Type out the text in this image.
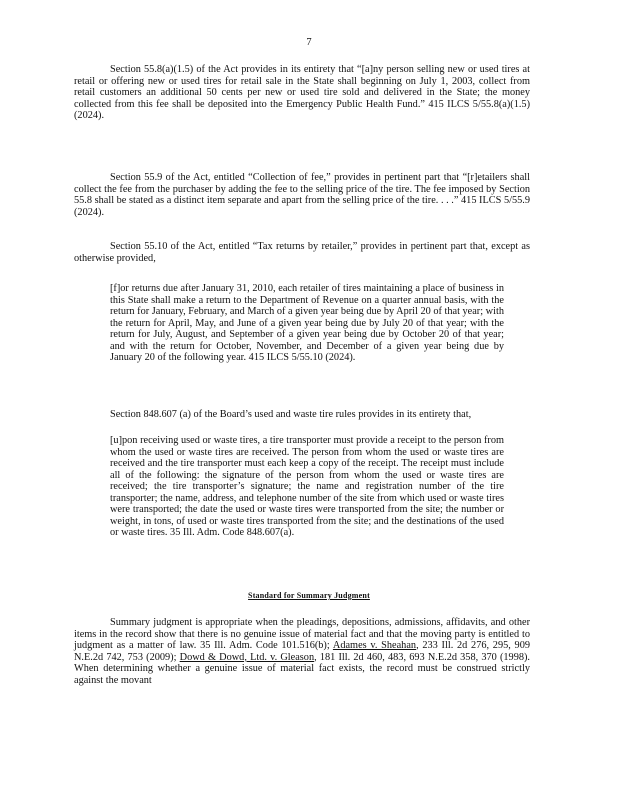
7

Section 55.8(a)(1.5) of the Act provides in its entirety that “[a]ny person selling new or used tires at retail or offering new or used tires for retail sale in the State shall beginning on July 1, 2003, collect from retail customers an additional 50 cents per new or used tire sold and delivered in the State; the money collected from this fee shall be deposited into the Emergency Public Health Fund.” 415 ILCS 5/55.8(a)(1.5) (2024).

Section 55.9 of the Act, entitled “Collection of fee,” provides in pertinent part that “[r]etailers shall collect the fee from the purchaser by adding the fee to the selling price of the tire. The fee imposed by Section 55.8 shall be stated as a distinct item separate and apart from the selling price of the tire. . . .” 415 ILCS 5/55.9 (2024).

Section 55.10 of the Act, entitled “Tax returns by retailer,” provides in pertinent part that, except as otherwise provided,

[f]or returns due after January 31, 2010, each retailer of tires maintaining a place of business in this State shall make a return to the Department of Revenue on a quarter annual basis, with the return for January, February, and March of a given year being due by April 20 of that year; with the return for April, May, and June of a given year being due by July 20 of that year; with the return for July, August, and September of a given year being due by October 20 of that year; and with the return for October, November, and December of a given year being due by January 20 of the following year. 415 ILCS 5/55.10 (2024).

Section 848.607 (a) of the Board’s used and waste tire rules provides in its entirety that,

[u]pon receiving used or waste tires, a tire transporter must provide a receipt to the person from whom the used or waste tires are received. The person from whom the used or waste tires are received and the tire transporter must each keep a copy of the receipt. The receipt must include all of the following: the signature of the person from whom the used or waste tires are received; the tire transporter’s signature; the name and registration number of the tire transporter; the name, address, and telephone number of the site from which used or waste tires were transported; the date the used or waste tires were transported from the site; the number or weight, in tons, of used or waste tires transported from the site; and the destinations of the used or waste tires. 35 Ill. Adm. Code 848.607(a).

Standard for Summary Judgment

Summary judgment is appropriate when the pleadings, depositions, admissions, affidavits, and other items in the record show that there is no genuine issue of material fact and that the moving party is entitled to judgment as a matter of law. 35 Ill. Adm. Code 101.516(b); Adames v. Sheahan, 233 Ill. 2d 276, 295, 909 N.E.2d 742, 753 (2009); Dowd & Dowd, Ltd. v. Gleason, 181 Ill. 2d 460, 483, 693 N.E.2d 358, 370 (1998). When determining whether a genuine issue of material fact exists, the record must be construed strictly against the movant
